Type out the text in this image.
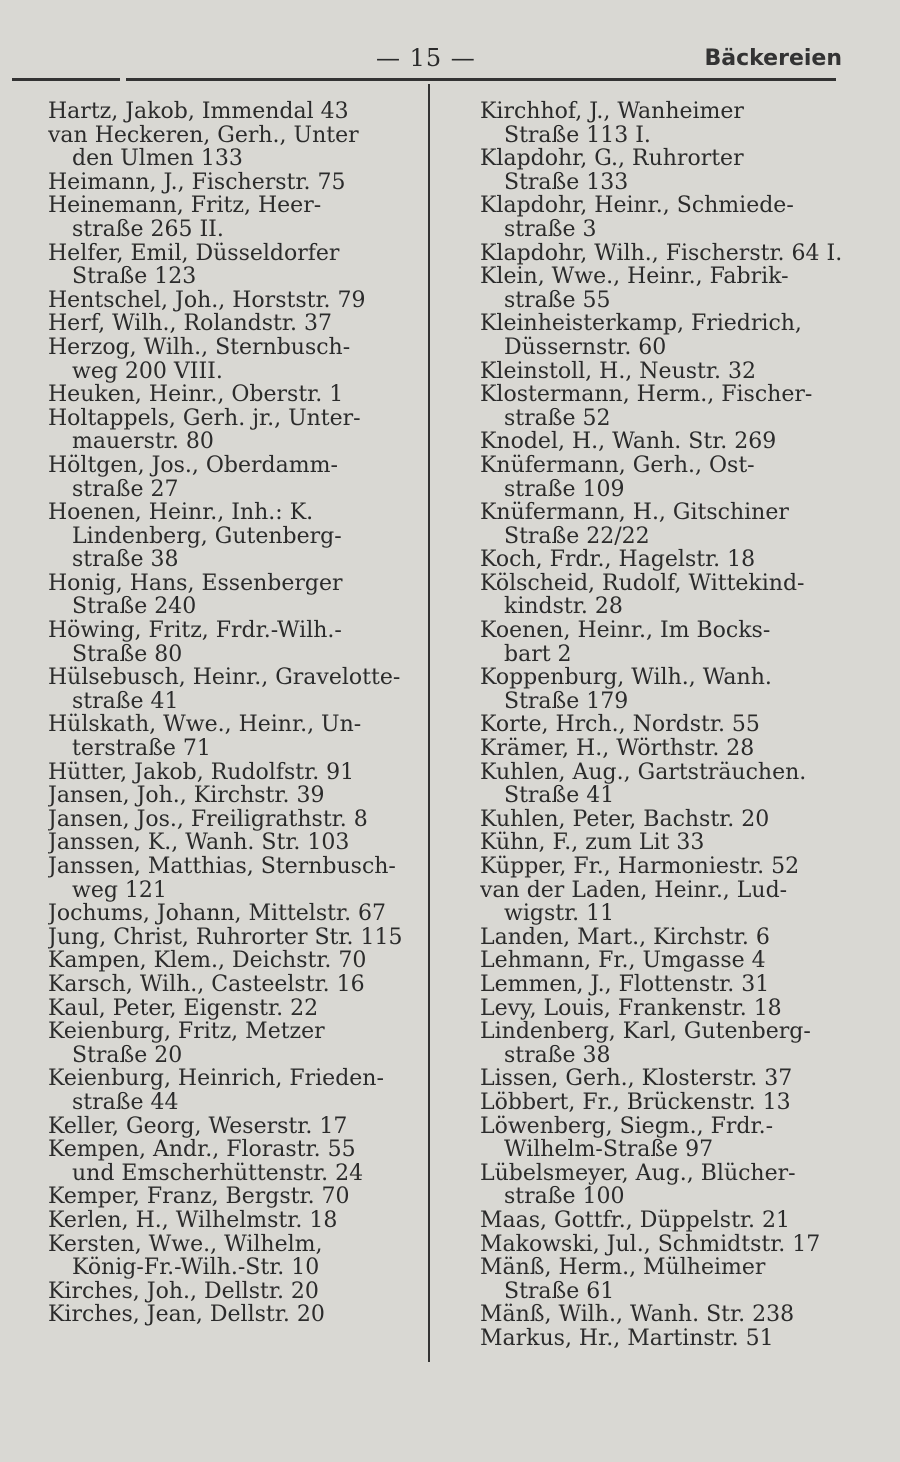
— 15 —	Bäckereien
Hartz, Jakob, Immendal 43
van Heckeren, Gerh., Unter
den Ulmen 133
Heimann, J., Fischerstr. 75
Heinemann, Fritz, Heer-
straße 265 II.
Helfer, Emil, Düsseldorfer
Straße 123
Hentschel, Joh., Horststr. 79
Herf, Wilh., Rolandstr. 37
Herzog, Wilh., Sternbusch-
weg 200 VIII.
Heuken, Heinr., Oberstr. 1
Holtappels, Gerh. jr., Unter-
mauerstr. 80
Höltgen, Jos., Oberdamm-
straße 27
Hoenen, Heinr., Inh.: K.
Lindenberg, Gutenberg-
straße 38
Honig, Hans, Essenberger
Straße 240
Höwing, Fritz, Frdr.-Wilh.-
Straße 80
Hülsebusch, Heinr., Gravelotte-
straße 41
Hülskath, Wwe., Heinr., Un-
terstraße 71
Hütter, Jakob, Rudolfstr. 91
Jansen, Joh., Kirchstr. 39
Jansen, Jos., Freiligrathstr. 8
Janssen, K., Wanh. Str. 103
Janssen, Matthias, Sternbusch-
weg 121
Jochums, Johann, Mittelstr. 67
Jung, Christ, Ruhrorter Str. 115
Kampen, Klem., Deichstr. 70
Karsch, Wilh., Casteelstr. 16
Kaul, Peter, Eigenstr. 22
Keienburg, Fritz, Metzer
Straße 20
Keienburg, Heinrich, Frieden-
straße 44
Keller, Georg, Weserstr. 17
Kempen, Andr., Florastr. 55
und Emscherhüttenstr. 24
Kemper, Franz, Bergstr. 70
Kerlen, H., Wilhelmstr. 18
Kersten, Wwe., Wilhelm,
König-Fr.-Wilh.-Str. 10
Kirches, Joh., Dellstr. 20
Kirches, Jean, Dellstr. 20
Kirchhof, J., Wanheimer
Straße 113 I.
Klapdohr, G., Ruhrorter
Straße 133
Klapdohr, Heinr., Schmiede-
straße 3
Klapdohr, Wilh., Fischerstr. 64 I.
Klein, Wwe., Heinr., Fabrik-
straße 55
Kleinheisterkamp, Friedrich,
Düssernstr. 60
Kleinstoll, H., Neustr. 32
Klostermann, Herm., Fischer-
straße 52
Knodel, H., Wanh. Str. 269
Knüfermann, Gerh., Ost-
straße 109
Knüfermann, H., Gitschiner
Straße 22/22
Koch, Frdr., Hagelstr. 18
Kölscheid, Rudolf, Wittekind-
kindstr. 28
Koenen, Heinr., Im Bocks-
bart 2
Koppenburg, Wilh., Wanh.
Straße 179
Korte, Hrch., Nordstr. 55
Krämer, H., Wörthstr. 28
Kuhlen, Aug., Gartsträuchen.
Straße 41
Kuhlen, Peter, Bachstr. 20
Kühn, F., zum Lit 33
Küpper, Fr., Harmoniestr. 52
van der Laden, Heinr., Lud-
wigstr. 11
Landen, Mart., Kirchstr. 6
Lehmann, Fr., Umgasse 4
Lemmen, J., Flottenstr. 31
Levy, Louis, Frankenstr. 18
Lindenberg, Karl, Gutenberg-
straße 38
Lissen, Gerh., Klosterstr. 37
Löbbert, Fr., Brückenstr. 13
Löwenberg, Siegm., Frdr.-
Wilhelm-Straße 97
Lübelsmeyer, Aug., Blücher-
straße 100
Maas, Gottfr., Düppelstr. 21
Makowski, Jul., Schmidtstr. 17
Mänß, Herm., Mülheimer
Straße 61
Mänß, Wilh., Wanh. Str. 238
Markus, Hr., Martinstr. 51
